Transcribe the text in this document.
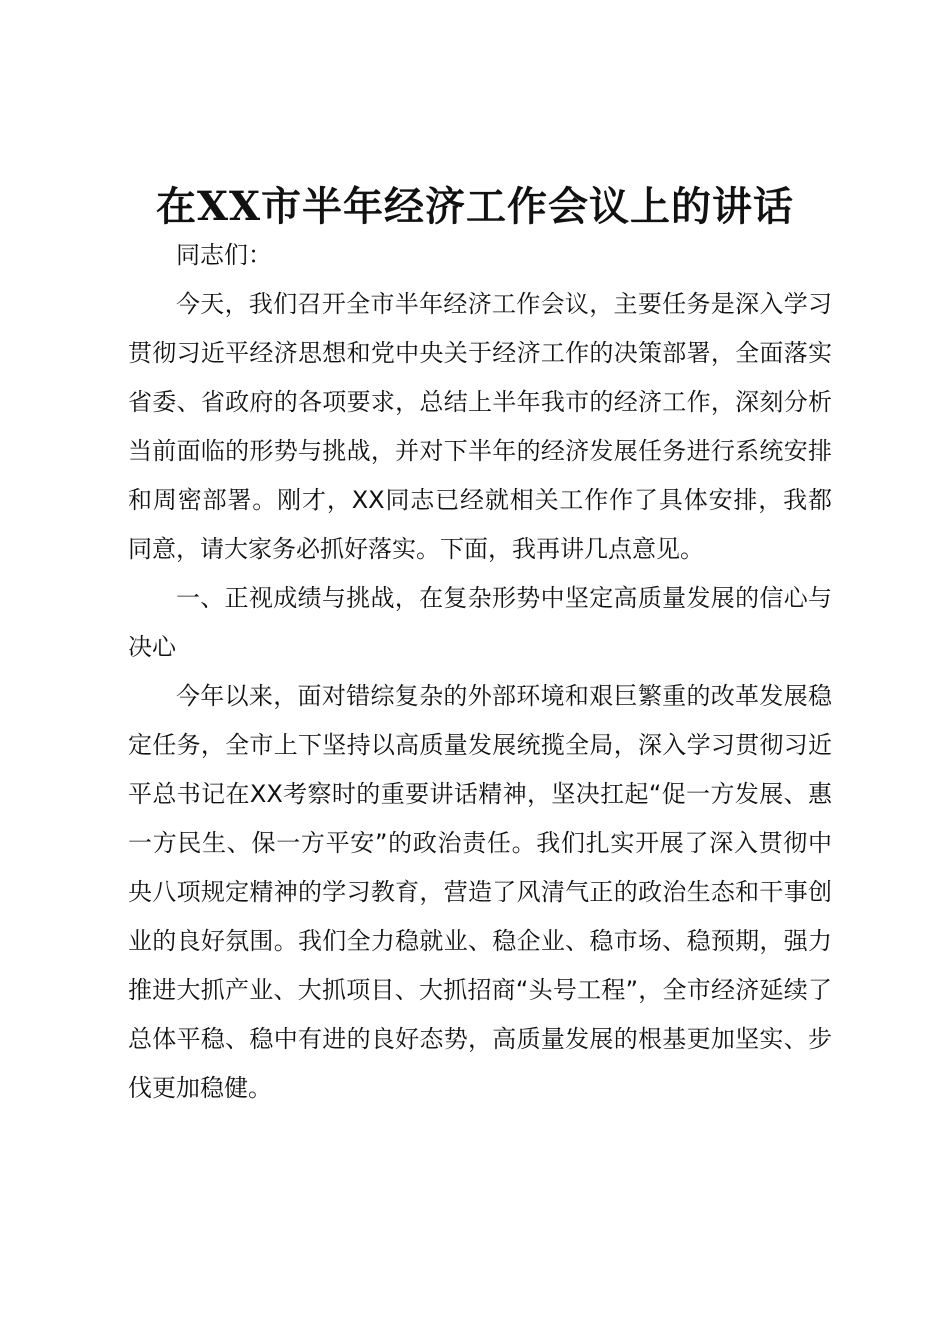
在XX市半年经济工作会议上的讲话

同志们：

今天，我们召开全市半年经济工作会议，主要任务是深入学习贯彻习近平经济思想和党中央关于经济工作的决策部署，全面落实省委、省政府的各项要求，总结上半年我市的经济工作，深刻分析当前面临的形势与挑战，并对下半年的经济发展任务进行系统安排和周密部署。刚才，XX同志已经就相关工作作了具体安排，我都同意，请大家务必抓好落实。下面，我再讲几点意见。

一、正视成绩与挑战，在复杂形势中坚定高质量发展的信心与决心

今年以来，面对错综复杂的外部环境和艰巨繁重的改革发展稳定任务，全市上下坚持以高质量发展统揽全局，深入学习贯彻习近平总书记在XX考察时的重要讲话精神，坚决扛起“促一方发展、惠一方民生、保一方平安”的政治责任。我们扎实开展了深入贯彻中央八项规定精神的学习教育，营造了风清气正的政治生态和干事创业的良好氛围。我们全力稳就业、稳企业、稳市场、稳预期，强力推进大抓产业、大抓项目、大抓招商“头号工程”，全市经济延续了总体平稳、稳中有进的良好态势，高质量发展的根基更加坚实、步伐更加稳健。
